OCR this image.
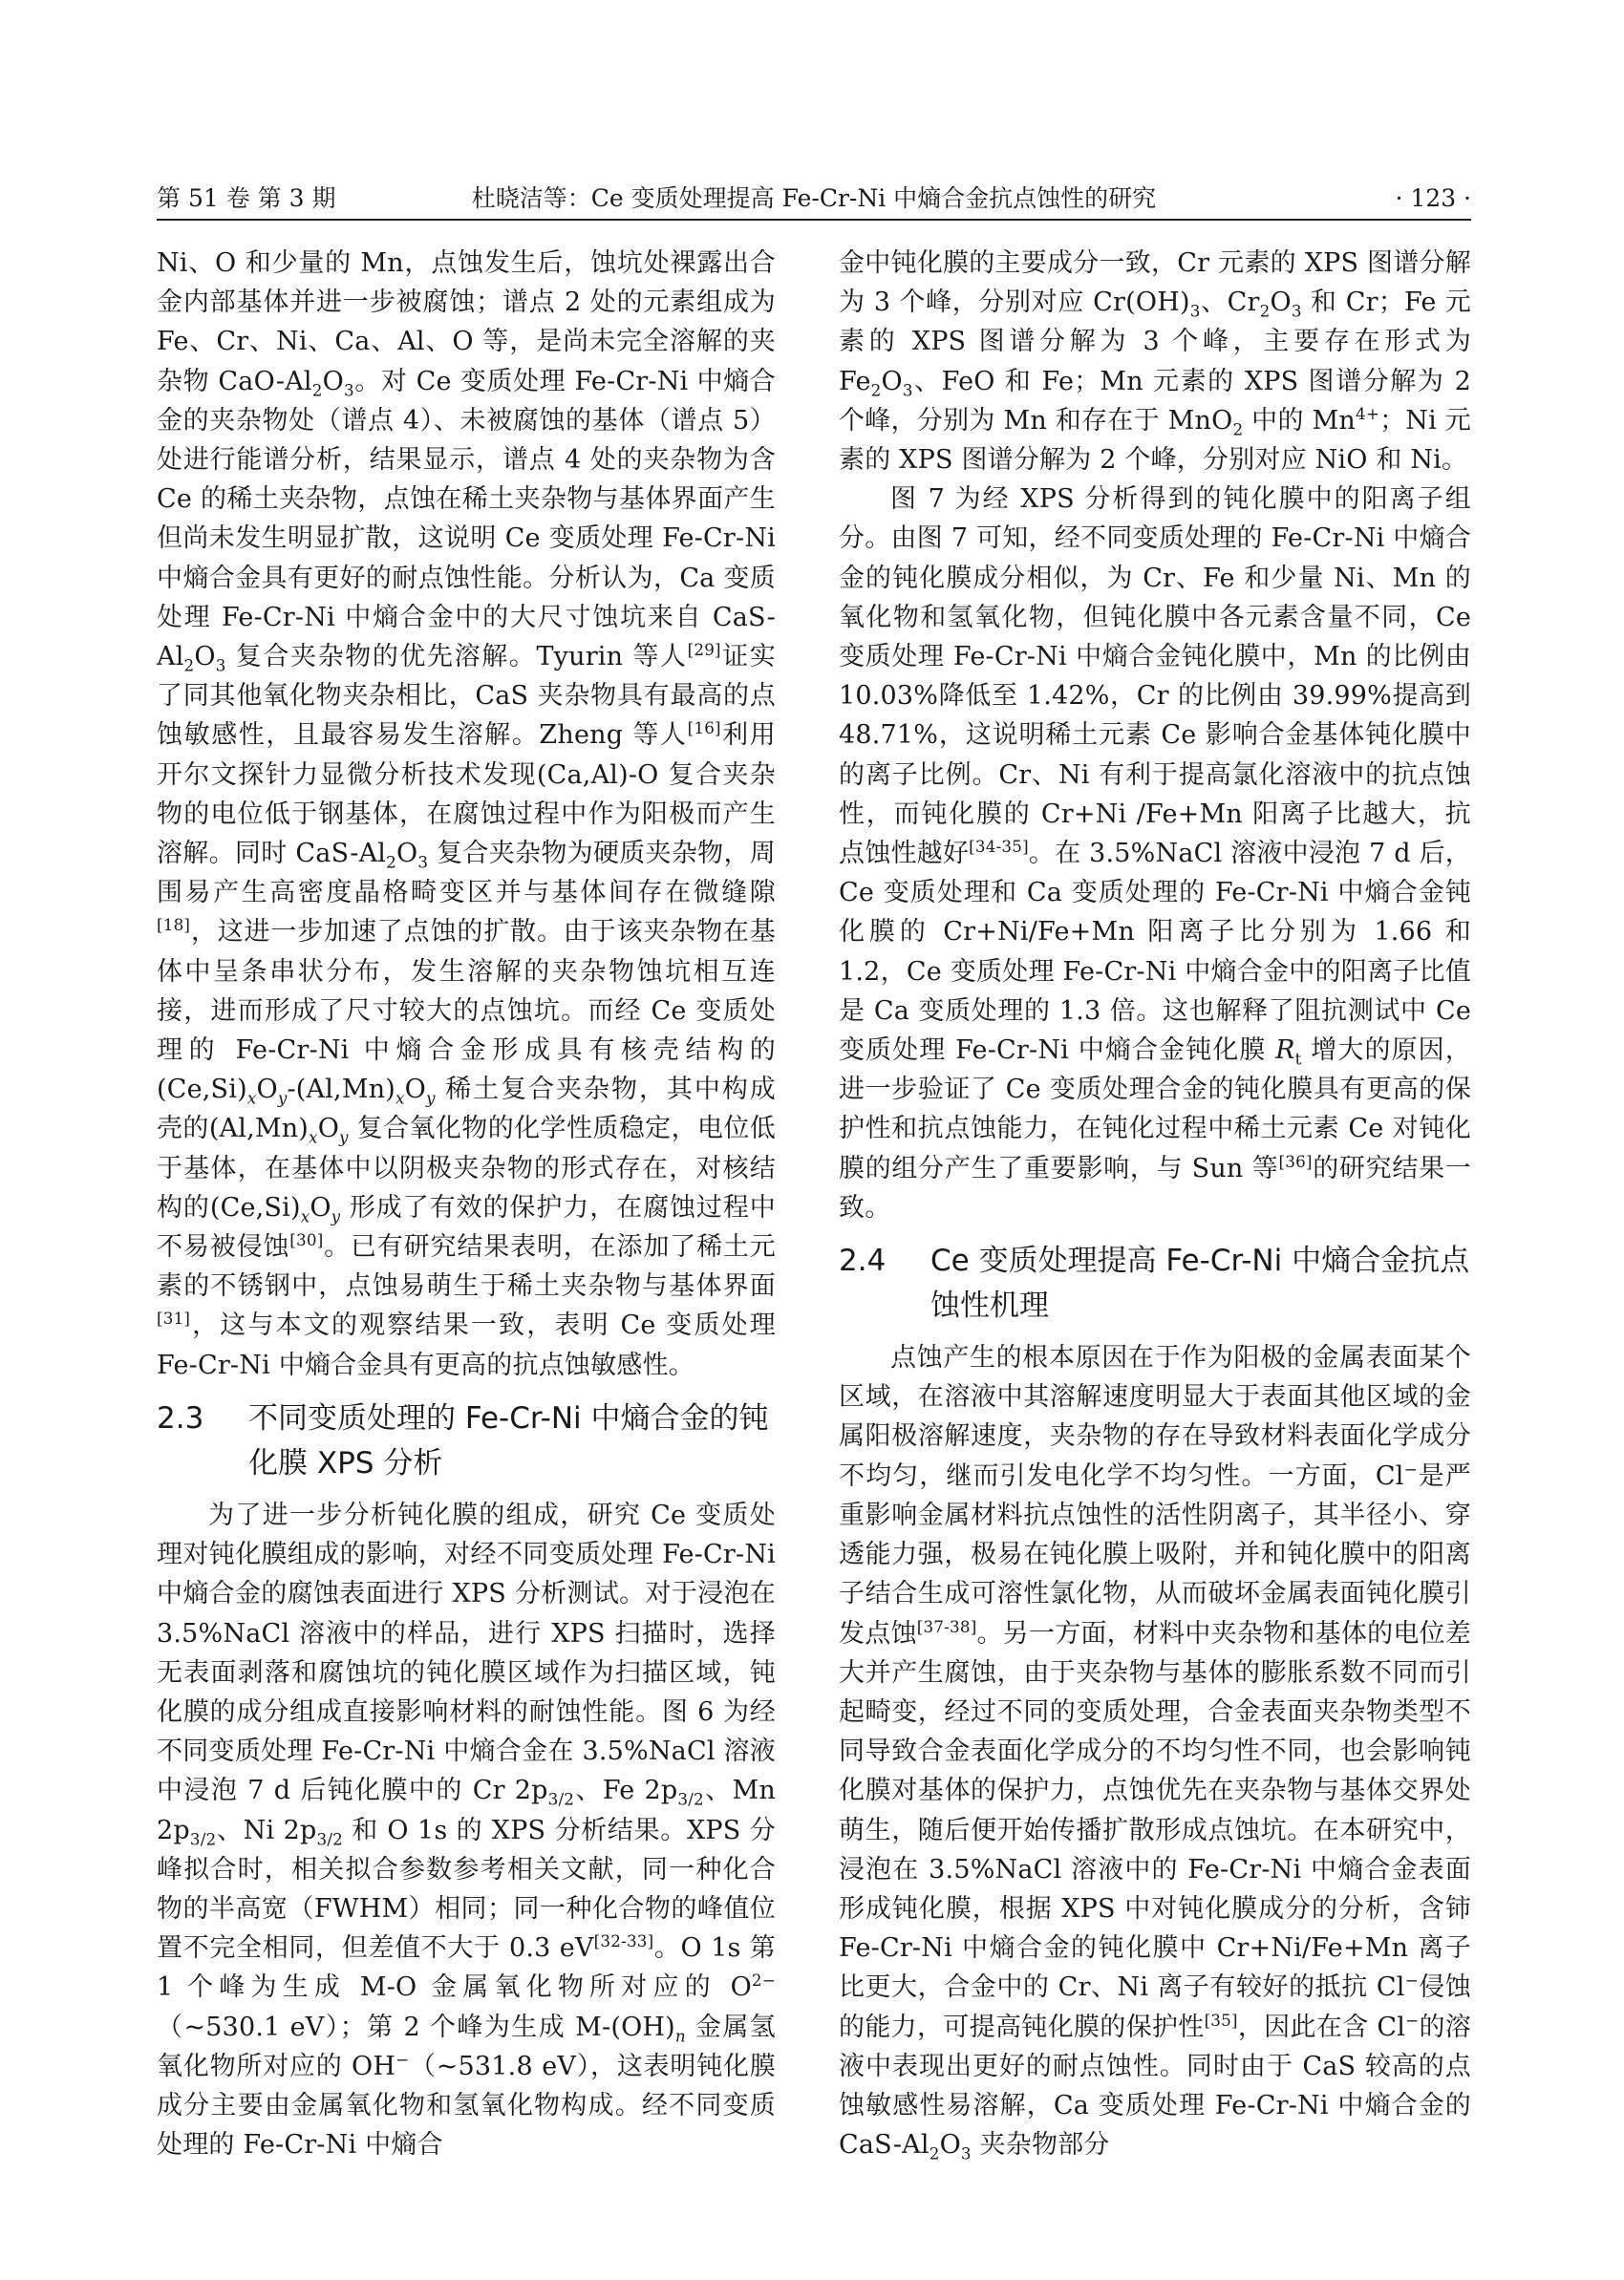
第 51 卷 第 3 期	杜晓洁等：Ce 变质处理提高 Fe-Cr-Ni 中熵合金抗点蚀性的研究	· 123 ·

Ni、O 和少量的 Mn，点蚀发生后，蚀坑处裸露出合金内部基体并进一步被腐蚀；谱点 2 处的元素组成为 Fe、Cr、Ni、Ca、Al、O 等，是尚未完全溶解的夹杂物 CaO-$Al_2O_3$。对 Ce 变质处理 Fe-Cr-Ni 中熵合金的夹杂物处（谱点 4）、未被腐蚀的基体（谱点 5）处进行能谱分析，结果显示，谱点 4 处的夹杂物为含 Ce 的稀土夹杂物，点蚀在稀土夹杂物与基体界面产生但尚未发生明显扩散，这说明 Ce 变质处理 Fe-Cr-Ni 中熵合金具有更好的耐点蚀性能。分析认为，Ca 变质处理 Fe-Cr-Ni 中熵合金中的大尺寸蚀坑来自 CaS-$Al_2O_3$ 复合夹杂物的优先溶解。Tyurin 等人[29]证实了同其他氧化物夹杂相比，CaS 夹杂物具有最高的点蚀敏感性，且最容易发生溶解。Zheng 等人[16]利用开尔文探针力显微分析技术发现(Ca,Al)-O 复合夹杂物的电位低于钢基体，在腐蚀过程中作为阳极而产生溶解。同时 CaS-$Al_2O_3$ 复合夹杂物为硬质夹杂物，周围易产生高密度晶格畸变区并与基体间存在微缝隙[18]，这进一步加速了点蚀的扩散。由于该夹杂物在基体中呈条串状分布，发生溶解的夹杂物蚀坑相互连接，进而形成了尺寸较大的点蚀坑。而经 Ce 变质处理的 Fe-Cr-Ni 中熵合金形成具有核壳结构的$(Ce,Si)_xO_y-(Al,Mn)_xO_y$ 稀土复合夹杂物，其中构成壳的$(Al,Mn)_xO_y$ 复合氧化物的化学性质稳定，电位低于基体，在基体中以阴极夹杂物的形式存在，对核结构的$(Ce,Si)_xO_y$ 形成了有效的保护力，在腐蚀过程中不易被侵蚀[30]。已有研究结果表明，在添加了稀土元素的不锈钢中，点蚀易萌生于稀土夹杂物与基体界面[31]，这与本文的观察结果一致，表明 Ce 变质处理 Fe-Cr-Ni 中熵合金具有更高的抗点蚀敏感性。

2.3 不同变质处理的 Fe-Cr-Ni 中熵合金的钝化膜 XPS 分析

为了进一步分析钝化膜的组成，研究 Ce 变质处理对钝化膜组成的影响，对经不同变质处理 Fe-Cr-Ni 中熵合金的腐蚀表面进行 XPS 分析测试。对于浸泡在 3.5%NaCl 溶液中的样品，进行 XPS 扫描时，选择无表面剥落和腐蚀坑的钝化膜区域作为扫描区域，钝化膜的成分组成直接影响材料的耐蚀性能。图 6 为经不同变质处理 Fe-Cr-Ni 中熵合金在 3.5%NaCl 溶液中浸泡 7 d 后钝化膜中的 Cr $2p_{3/2}$、Fe $2p_{3/2}$、Mn $2p_{3/2}$、Ni $2p_{3/2}$ 和 O 1s 的 XPS 分析结果。XPS 分峰拟合时，相关拟合参数参考相关文献，同一种化合物的半高宽（FWHM）相同；同一种化合物的峰值位置不完全相同，但差值不大于 0.3 eV[32-33]。O 1s 第 1 个峰为生成 M-O 金属氧化物所对应的 $O^{2-}(\sim 530.1$ eV）；第 2 个峰为生成 $M-(OH)_n$ 金属氢氧化物所对应的 OH−（~531.8 eV），这表明钝化膜成分主要由金属氧化物和氢氧化物构成。经不同变质处理的 Fe-Cr-Ni 中熵合

金中钝化膜的主要成分一致，Cr 元素的 XPS 图谱分解为 3 个峰，分别对应 $Cr(OH)_3$、$Cr_2O_3$ 和 Cr；Fe 元素的 XPS 图谱分解为 3 个峰，主要存在形式为 $Fe_2O_3$、FeO 和 Fe；Mn 元素的 XPS 图谱分解为 2 个峰，分别为 Mn 和存在于 MnO$_2$ 中的 $Mn^{4+}$；Ni 元素的 XPS 图谱分解为 2 个峰，分别对应 NiO 和 Ni。

图 7 为经 XPS 分析得到的钝化膜中的阳离子组分。由图 7 可知，经不同变质处理的 Fe-Cr-Ni 中熵合金的钝化膜成分相似，为 Cr、Fe 和少量 Ni、Mn 的氧化物和氢氧化物，但钝化膜中各元素含量不同，Ce 变质处理 Fe-Cr-Ni 中熵合金钝化膜中，Mn 的比例由 10.03%降低至 1.42%，Cr 的比例由 39.99%提高到 48.71%，这说明稀土元素 Ce 影响合金基体钝化膜中的离子比例。Cr、Ni 有利于提高氯化溶液中的抗点蚀性，而钝化膜的 Cr+Ni /Fe+Mn 阳离子比越大，抗点蚀性越好[34-35]。在 3.5%NaCl 溶液中浸泡 7 d 后，Ce 变质处理和 Ca 变质处理的 Fe-Cr-Ni 中熵合金钝化膜的 Cr+Ni/Fe+Mn 阳离子比分别为 1.66 和 1.2，Ce 变质处理 Fe-Cr-Ni 中熵合金中的阳离子比值是 Ca 变质处理的 1.3 倍。这也解释了阻抗测试中 Ce 变质处理 Fe-Cr-Ni 中熵合金钝化膜 $R_t$ 增大的原因，进一步验证了 Ce 变质处理合金的钝化膜具有更高的保护性和抗点蚀能力，在钝化过程中稀土元素 Ce 对钝化膜的组分产生了重要影响，与 Sun 等[36]的研究结果一致。

2.4 Ce 变质处理提高 Fe-Cr-Ni 中熵合金抗点蚀性机理

点蚀产生的根本原因在于作为阳极的金属表面某个区域，在溶液中其溶解速度明显大于表面其他区域的金属阳极溶解速度，夹杂物的存在导致材料表面化学成分不均匀，继而引发电化学不均匀性。一方面，Cl−是严重影响金属材料抗点蚀性的活性阴离子，其半径小、穿透能力强，极易在钝化膜上吸附，并和钝化膜中的阳离子结合生成可溶性氯化物，从而破坏金属表面钝化膜引发点蚀[37-38]。另一方面，材料中夹杂物和基体的电位差大并产生腐蚀，由于夹杂物与基体的膨胀系数不同而引起畸变，经过不同的变质处理，合金表面夹杂物类型不同导致合金表面化学成分的不均匀性不同，也会影响钝化膜对基体的保护力，点蚀优先在夹杂物与基体交界处萌生，随后便开始传播扩散形成点蚀坑。在本研究中，浸泡在 3.5%NaCl 溶液中的 Fe-Cr-Ni 中熵合金表面形成钝化膜，根据 XPS 中对钝化膜成分的分析，含铈 Fe-Cr-Ni 中熵合金的钝化膜中 Cr+Ni/Fe+Mn 离子比更大，合金中的 Cr、Ni 离子有较好的抵抗 Cl−侵蚀的能力，可提高钝化膜的保护性[35]，因此在含 Cl−的溶液中表现出更好的耐点蚀性。同时由于 CaS 较高的点蚀敏感性易溶解，Ca 变质处理 Fe-Cr-Ni 中熵合金的 CaS-$Al_2O_3$ 夹杂物部分
